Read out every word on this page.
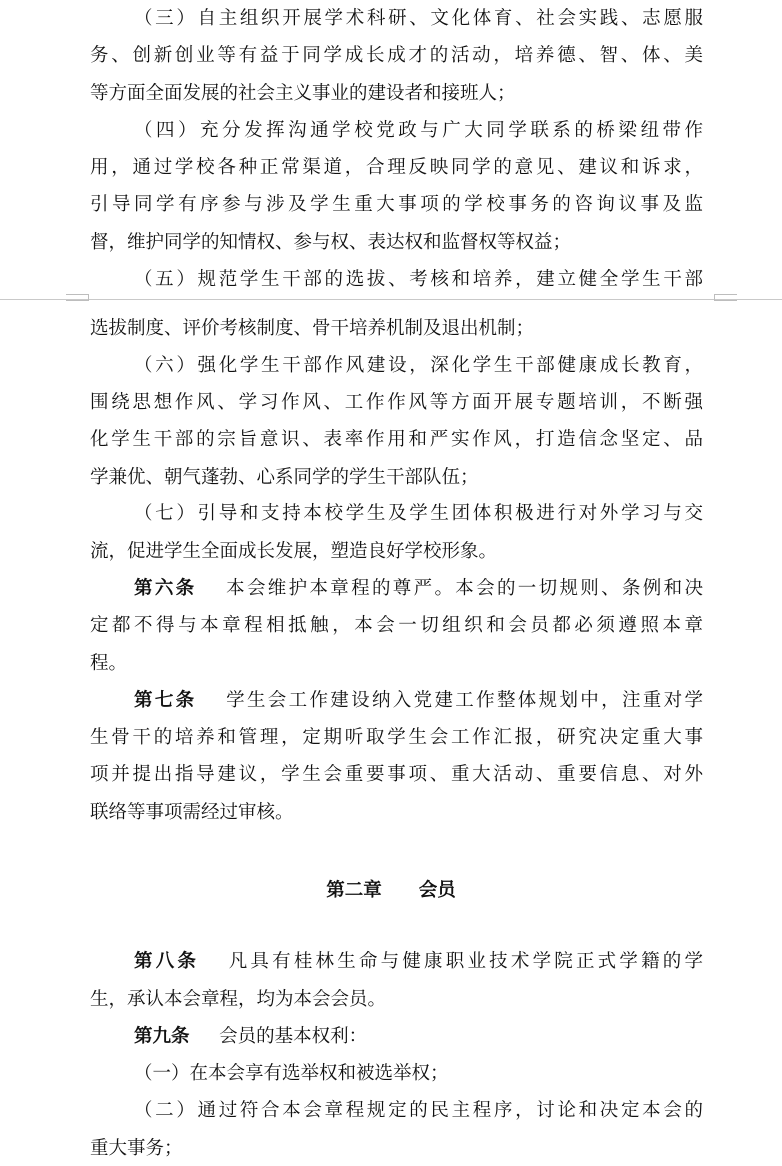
（三）自主组织开展学术科研、文化体育、社会实践、志愿服
务、创新创业等有益于同学成长成才的活动，培养德、智、体、美
等方面全面发展的社会主义事业的建设者和接班人；
（四）充分发挥沟通学校党政与广大同学联系的桥梁纽带作
用，通过学校各种正常渠道，合理反映同学的意见、建议和诉求，
引导同学有序参与涉及学生重大事项的学校事务的咨询议事及监
督，维护同学的知情权、参与权、表达权和监督权等权益；
（五）规范学生干部的选拔、考核和培养，建立健全学生干部
选拔制度、评价考核制度、骨干培养机制及退出机制；
（六）强化学生干部作风建设，深化学生干部健康成长教育，
围绕思想作风、学习作风、工作作风等方面开展专题培训，不断强
化学生干部的宗旨意识、表率作用和严实作风，打造信念坚定、品
学兼优、朝气蓬勃、心系同学的学生干部队伍；
（七）引导和支持本校学生及学生团体积极进行对外学习与交
流，促进学生全面成长发展，塑造良好学校形象。
第六条 本会维护本章程的尊严。本会的一切规则、条例和决
定都不得与本章程相抵触，本会一切组织和会员都必须遵照本章
程。
第七条 学生会工作建设纳入党建工作整体规划中，注重对学
生骨干的培养和管理，定期听取学生会工作汇报，研究决定重大事
项并提出指导建议，学生会重要事项、重大活动、重要信息、对外
联络等事项需经过审核。
第八条 凡具有桂林生命与健康职业技术学院正式学籍的学
生，承认本会章程，均为本会会员。
第九条 会员的基本权利：
（一）在本会享有选举权和被选举权；
（二）通过符合本会章程规定的民主程序，讨论和决定本会的
重大事务；
第二章　　会员
